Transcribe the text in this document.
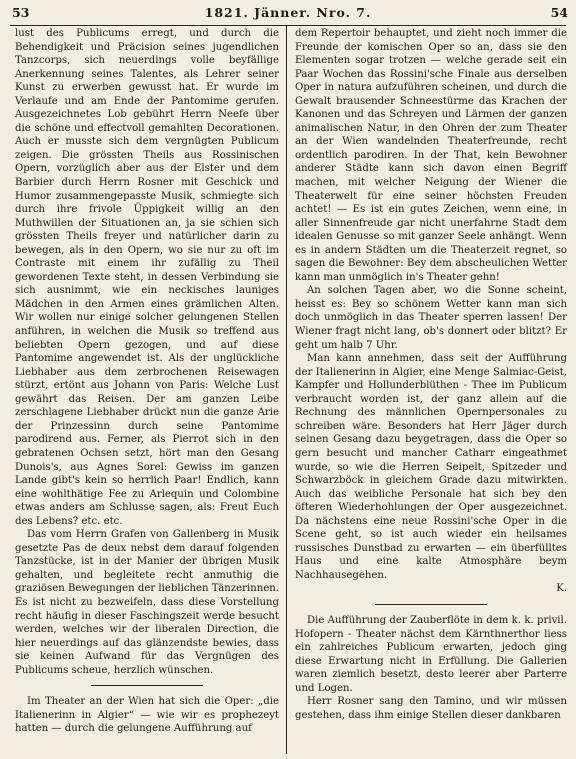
53	1821. Jänner. Nro. 7.	54

lust des Publicums erregt, und durch die Behendigkeit und Präcision seines jugendlichen Tanzcorps, sich neuerdings volle beyfällige Anerkennung seines Talentes, als Lehrer seiner Kunst zu erwerben gewusst hat. Er wurde im Verlaufe und am Ende der Pantomime gerufen. Ausgezeichnetes Lob gebührt Herrn Neefe über die schöne und effectvoll gemahlten Decorationen. Auch er musste sich dem vergnügten Publicum zeigen. Die grössten Theils aus Rossinischen Opern, vorzüglich aber aus der Elster und dem Barbier durch Herrn Rosner mit Geschick und Humor zusammengepasste Musik, schmiegte sich durch ihre frivole Üppigkeit willig an den Muthwillen der Situationen an, ja sie schien sich grössten Theils freyer und natürlicher darin zu bewegen, als in den Opern, wo sie nur zu oft im Contraste mit einem ihr zufällig zu Theil gewordenen Texte steht, in dessen Verbindung sie sich ausnimmt, wie ein neckisches launiges Mädchen in den Armen eines grämlichen Alten. Wir wollen nur einige solcher gelungenen Stellen anführen, in welchen die Musik so treffend aus beliebten Opern gezogen, und auf diese Pantomime angewendet ist. Als der unglückliche Liebhaber aus dem zerbrochenen Reisewagen stürzt, ertönt aus Johann von Paris: Welche Lust gewährt das Reisen. Der am ganzen Leibe zerschlagene Liebhaber drückt nun die ganze Arie der Prinzessinn durch seine Pantomime parodirend aus. Ferner, als Pierrot sich in den gebratenen Ochsen setzt, hört man den Gesang Dunois's, aus Agnes Sorel: Gewiss im ganzen Lande gibt's kein so herrlich Paar! Endlich, kann eine wohlthätige Fee zu Arlequin und Colombine etwas anders am Schlusse sagen, als: Freut Euch des Lebens? etc. etc.

Das vom Herrn Grafen von Gallenberg in Musik gesetzte Pas de deux nebst dem darauf folgenden Tanzstücke, ist in der Manier der übrigen Musik gehalten, und begleitete recht anmuthig die graziösen Bewegungen der lieblichen Tänzerinnen. Es ist nicht zu bezweifeln, dass diese Vorstellung recht häufig in dieser Faschingszeit werde besucht werden, welches wir der liberalen Direction, die hier neuerdings auf das glänzendste bewies, dass sie keinen Aufwand für das Vergnügen des Publicums scheue, herzlich wünschen.

Im Theater an der Wien hat sich die Oper: „die Italienerinn in Algier“ — wie wir es prophezeyt hatten — durch die gelungene Aufführung auf

dem Repertoir behauptet, und zieht noch immer die Freunde der komischen Oper so an, dass sie den Elementen sogar trotzen — welche gerade seit ein Paar Wochen das Rossini'sche Finale aus derselben Oper in natura aufzuführen scheinen, und durch die Gewalt brausender Schneestürme das Krachen der Kanonen und das Schreyen und Lärmen der ganzen animalischen Natur, in den Ohren der zum Theater an der Wien wandelnden Theaterfreunde, recht ordentlich parodiren. In der That, kein Bewohner anderer Städte kann sich davon einen Begriff machen, mit welcher Neigung der Wiener die Theaterwelt für eine seiner höchsten Freuden achtet! — Es ist ein gutes Zeichen, wenn eine, in aller Sinnenfreude gar nicht unerfahrne Stadt dem idealen Genusse so mit ganzer Seele anhängt. Wenn es in andern Städten um die Theaterzeit regnet, so sagen die Bewohner: Bey dem abscheulichen Wetter kann man unmöglich in's Theater gehn!

An solchen Tagen aber, wo die Sonne scheint, heisst es: Bey so schönem Wetter kann man sich doch unmöglich in das Theater sperren lassen! Der Wiener fragt nicht lang, ob's donnert oder blitzt? Er geht um halb 7 Uhr.

Man kann annehmen, dass seit der Aufführung der Italienerinn in Algier, eine Menge Salmiac-Geist, Kampfer und Hollunderblüthen - Thee im Publicum verbraucht worden ist, der ganz allein auf die Rechnung des männlichen Opernpersonales zu schreiben wäre. Besonders hat Herr Jäger durch seinen Gesang dazu beygetragen, dass die Oper so gern besucht und mancher Catharr eingeathmet wurde, so wie die Herren Seipelt, Spitzeder und Schwarzböck in gleichem Grade dazu mitwirkten. Auch das weibliche Personale hat sich bey den öfteren Wiederhohlungen der Oper ausgezeichnet. Da nächstens eine neue Rossini'sche Oper in die Scene geht, so ist auch wieder ein heilsames russisches Dunstbad zu erwarten — ein überfülltes Haus und eine kalte Atmosphäre beym Nachhausegehen.

K.

Die Aufführung der Zauberflöte in dem k. k. privil. Hofopern - Theater nächst dem Kärnthnerthor liess ein zahlreiches Publicum erwarten, jedoch ging diese Erwartung nicht in Erfüllung. Die Gallerien waren ziemlich besetzt, desto leerer aber Parterre und Logen.

Herr Rosner sang den Tamino, und wir müssen gestehen, dass ihm einige Stellen dieser dankbaren
